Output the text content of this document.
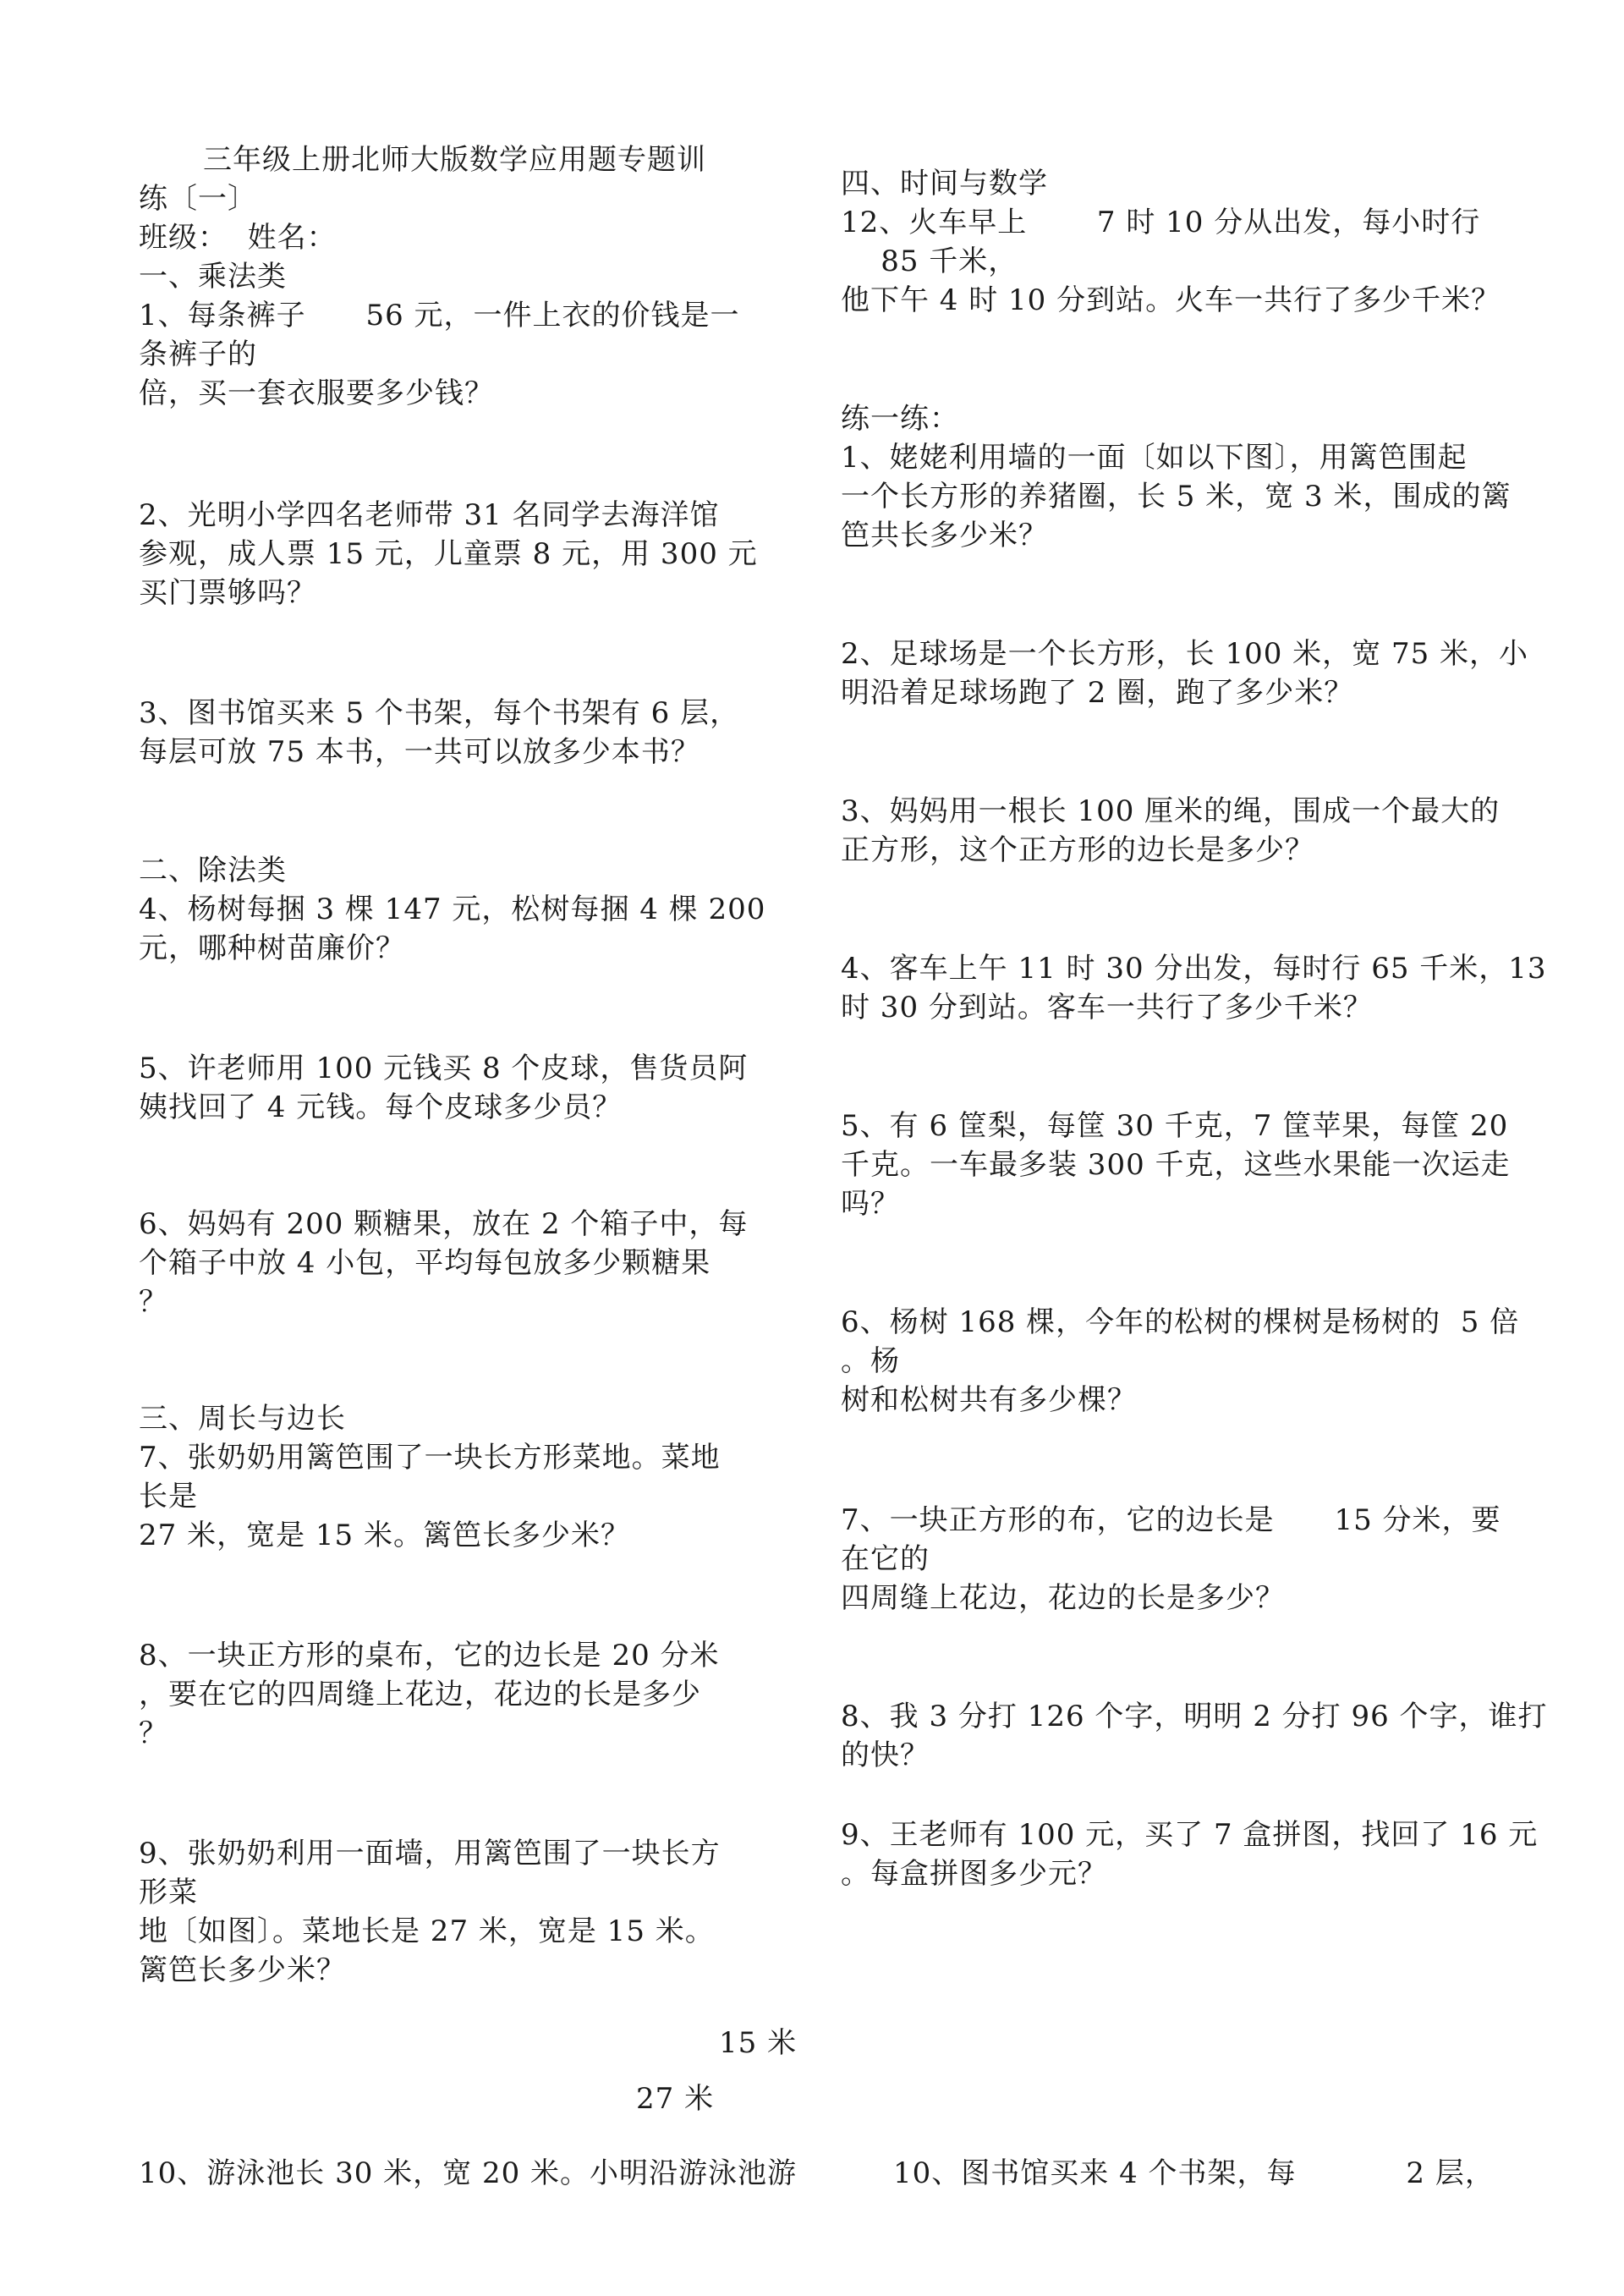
三年级上册北师大版数学应用题专题训
练〔一〕
班级：  姓名：
一、乘法类
1、每条裤子      56 元，一件上衣的价钱是一
条裤子的
倍，买一套衣服要多少钱？
2、光明小学四名老师带 31 名同学去海洋馆
参观，成人票 15 元，儿童票 8 元，用 300 元
买门票够吗？
3、图书馆买来 5 个书架，每个书架有 6 层，
每层可放 75 本书，一共可以放多少本书？
二、除法类
4、杨树每捆 3 棵 147 元，松树每捆 4 棵 200
元，哪种树苗廉价？
5、许老师用 100 元钱买 8 个皮球，售货员阿
姨找回了 4 元钱。每个皮球多少员？
6、妈妈有 200 颗糖果，放在 2 个箱子中，每
个箱子中放 4 小包，平均每包放多少颗糖果
？
三、周长与边长
7、张奶奶用篱笆围了一块长方形菜地。菜地
长是
27 米，宽是 15 米。篱笆长多少米？
8、一块正方形的桌布，它的边长是 20 分米
，要在它的四周缝上花边，花边的长是多少
？
9、张奶奶利用一面墙，用篱笆围了一块长方
形菜
地〔如图〕。菜地长是 27 米，宽是 15 米。
篱笆长多少米？
15 米
27 米
10、游泳池长 30 米，宽 20 米。小明沿游泳池游
四、时间与数学
12、火车早上       7 时 10 分从出发，每小时行
85 千米，
他下午 4 时 10 分到站。火车一共行了多少千米？
练一练：
1、姥姥利用墙的一面〔如以下图〕，用篱笆围起
一个长方形的养猪圈，长 5 米，宽 3 米，围成的篱
笆共长多少米？
2、足球场是一个长方形，长 100 米，宽 75 米，小
明沿着足球场跑了 2 圈，跑了多少米？
3、妈妈用一根长 100 厘米的绳，围成一个最大的
正方形，这个正方形的边长是多少？
4、客车上午 11 时 30 分出发，每时行 65 千米，13
时 30 分到站。客车一共行了多少千米？
5、有 6 筐梨，每筐 30 千克，7 筐苹果，每筐 20
千克。一车最多装 300 千克，这些水果能一次运走
吗？
6、杨树 168 棵，今年的松树的棵树是杨树的  5 倍
。杨
树和松树共有多少棵？
7、一块正方形的布，它的边长是      15 分米，要
在它的
四周缝上花边，花边的长是多少？
8、我 3 分打 126 个字，明明 2 分打 96 个字，谁打
的快？
9、王老师有 100 元，买了 7 盒拼图，找回了 16 元
。每盒拼图多少元？
10、图书馆买来 4 个书架，每           2 层，
